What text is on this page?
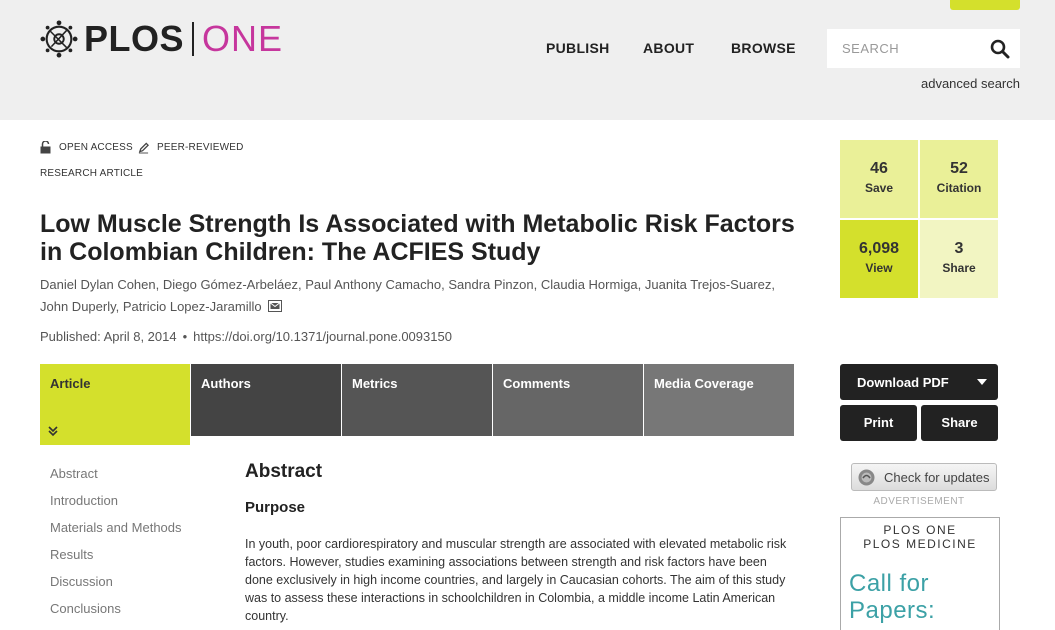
PLOS ONE	PUBLISH ABOUT	BROWSE
SEARCH
advanced search
OPEN ACCESS PEER-REVIEWED
RESEARCH ARTICLE
Low Muscle Strength Is Associated with Metabolic Risk Factors in Colombian Children: The ACFIES Study
Daniel Dylan Cohen, Diego Gómez-Arbeláez, Paul Anthony Camacho, Sandra Pinzon, Claudia Hormiga, Juanita Trejos-Suarez,
John Duperly, Patricio Lopez-Jaramillo
Published: April 8, 2014 • https://doi.org/10.1371/journal.pone.0093150
Article	Authors	Metrics	Comments	Media Coverage
Abstract
Introduction
Materials and Methods
Results
Discussion
Conclusions
Abstract
Purpose

In youth, poor cardiorespiratory and muscular strength are associated with elevated metabolic risk factors. However, studies examining associations between strength and risk factors have been done exclusively in high income countries, and largely in Caucasian cohorts. The aim of this study was to assess these interactions in schoolchildren in Colombia, a middle income Latin American country.

46
Save
52
Citation
6,098
View
3
Share
Download PDF
Print	Share
Check for updates
ADVERTISEMENT
PLOS ONE
PLOS MEDICINE
Call for Papers:
